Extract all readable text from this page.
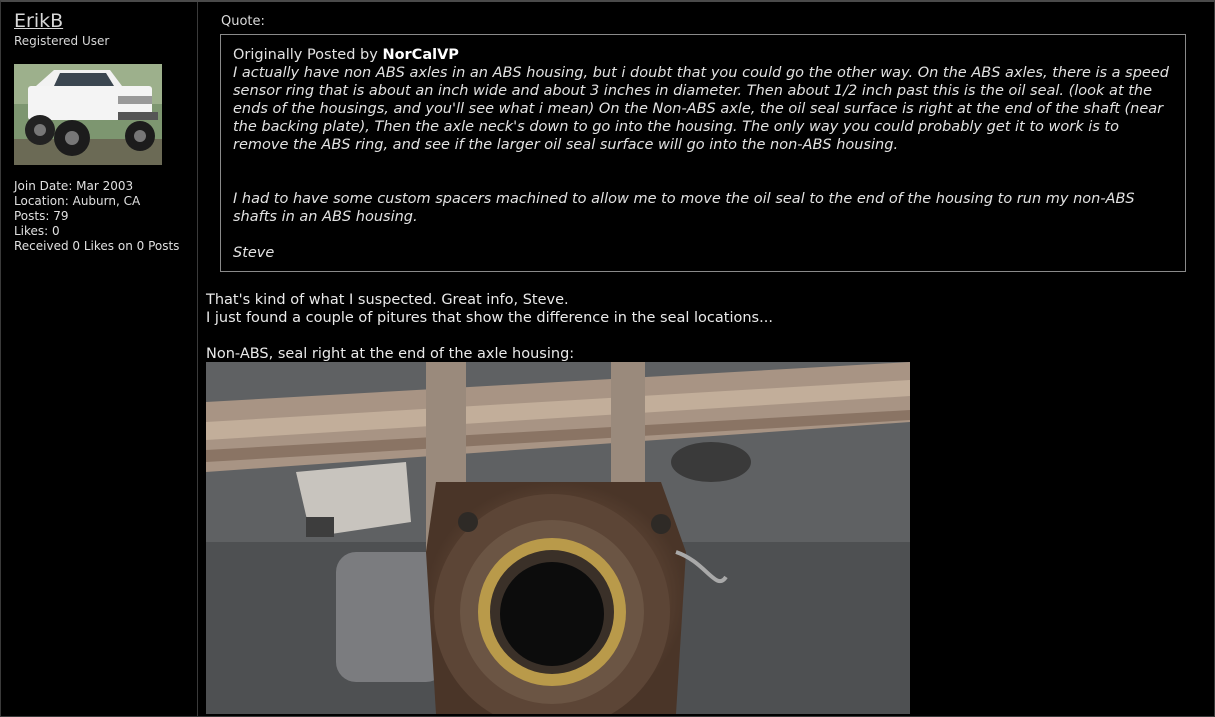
ErikB
Registered User
Join Date: Mar 2003
Location: Auburn, CA
Posts: 79
Likes: 0
Received 0 Likes on 0 Posts
Quote:
Originally Posted by NorCalVP

I actually have non ABS axles in an ABS housing, but i doubt that you could go the other way. On the ABS axles, there is a speed sensor ring that is about an inch wide and about 3 inches in diameter. Then about 1/2 inch past this is the oil seal. (look at the ends of the housings, and you'll see what i mean) On the Non-ABS axle, the oil seal surface is right at the end of the shaft (near the backing plate), Then the axle neck's down to go into the housing. The only way you could probably get it to work is to remove the ABS ring, and see if the larger oil seal surface will go into the non-ABS housing.

I had to have some custom spacers machined to allow me to move the oil seal to the end of the housing to run my non-ABS shafts in an ABS housing.

Steve

That's kind of what I suspected. Great info, Steve.

I just found a couple of pitures that show the difference in the seal locations...

Non-ABS, seal right at the end of the axle housing:
